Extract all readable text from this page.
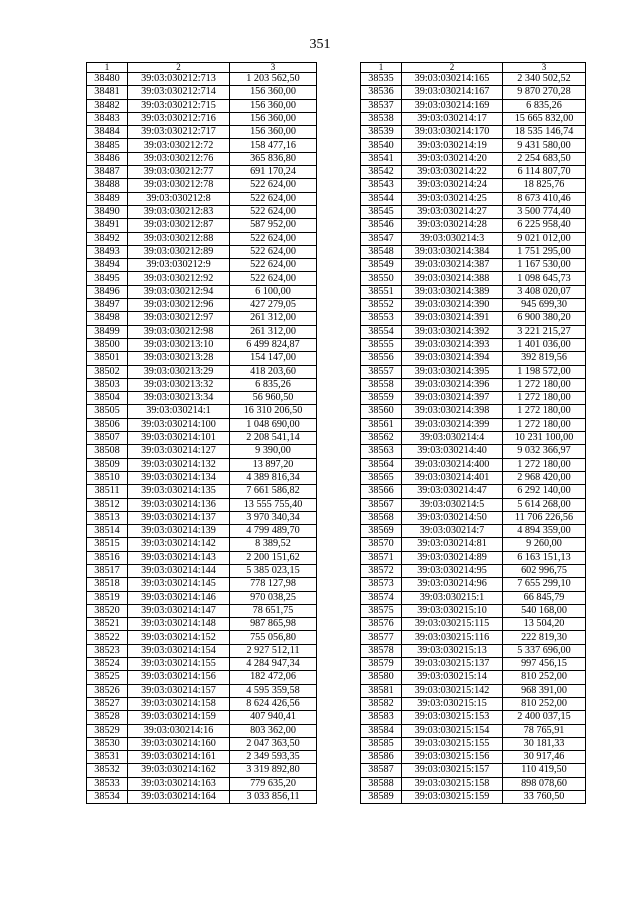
351
1	2	3
38480	39:03:030212:713	1 203 562,50
38481	39:03:030212:714	156 360,00
38482	39:03:030212:715	156 360,00
38483	39:03:030212:716	156 360,00
38484	39:03:030212:717	156 360,00
38485	39:03:030212:72	158 477,16
38486	39:03:030212:76	365 836,80
38487	39:03:030212:77	691 170,24
38488	39:03:030212:78	522 624,00
38489	39:03:030212:8	522 624,00
38490	39:03:030212:83	522 624,00
38491	39:03:030212:87	587 952,00
38492	39:03:030212:88	522 624,00
38493	39:03:030212:89	522 624,00
38494	39:03:030212:9	522 624,00
38495	39:03:030212:92	522 624,00
38496	39:03:030212:94	6 100,00
38497	39:03:030212:96	427 279,05
38498	39:03:030212:97	261 312,00
38499	39:03:030212:98	261 312,00
38500	39:03:030213:10	6 499 824,87
38501	39:03:030213:28	154 147,00
38502	39:03:030213:29	418 203,60
38503	39:03:030213:32	6 835,26
38504	39:03:030213:34	56 960,50
38505	39:03:030214:1	16 310 206,50
38506	39:03:030214:100	1 048 690,00
38507	39:03:030214:101	2 208 541,14
38508	39:03:030214:127	9 390,00
38509	39:03:030214:132	13 897,20
38510	39:03:030214:134	4 389 816,34
38511	39:03:030214:135	7 661 586,82
38512	39:03:030214:136	13 555 755,40
38513	39:03:030214:137	3 970 340,34
38514	39:03:030214:139	4 799 489,70
38515	39:03:030214:142	8 389,52
38516	39:03:030214:143	2 200 151,62
38517	39:03:030214:144	5 385 023,15
38518	39:03:030214:145	778 127,98
38519	39:03:030214:146	970 038,25
38520	39:03:030214:147	78 651,75
38521	39:03:030214:148	987 865,98
38522	39:03:030214:152	755 056,80
38523	39:03:030214:154	2 927 512,11
38524	39:03:030214:155	4 284 947,34
38525	39:03:030214:156	182 472,06
38526	39:03:030214:157	4 595 359,58
38527	39:03:030214:158	8 624 426,56
38528	39:03:030214:159	407 940,41
38529	39:03:030214:16	803 362,00
38530	39:03:030214:160	2 047 363,50
38531	39:03:030214:161	2 349 593,35
38532	39:03:030214:162	3 319 892,80
38533	39:03:030214:163	779 635,20
38534	39:03:030214:164	3 033 856,11
1	2	3
38535	39:03:030214:165	2 340 502,52
38536	39:03:030214:167	9 870 270,28
38537	39:03:030214:169	6 835,26
38538	39:03:030214:17	15 665 832,00
38539	39:03:030214:170	18 535 146,74
38540	39:03:030214:19	9 431 580,00
38541	39:03:030214:20	2 254 683,50
38542	39:03:030214:22	6 114 807,70
38543	39:03:030214:24	18 825,76
38544	39:03:030214:25	8 673 410,46
38545	39:03:030214:27	3 500 774,40
38546	39:03:030214:28	6 225 958,40
38547	39:03:030214:3	9 021 012,00
38548	39:03:030214:384	1 751 295,00
38549	39:03:030214:387	1 167 530,00
38550	39:03:030214:388	1 098 645,73
38551	39:03:030214:389	3 408 020,07
38552	39:03:030214:390	945 699,30
38553	39:03:030214:391	6 900 380,20
38554	39:03:030214:392	3 221 215,27
38555	39:03:030214:393	1 401 036,00
38556	39:03:030214:394	392 819,56
38557	39:03:030214:395	1 198 572,00
38558	39:03:030214:396	1 272 180,00
38559	39:03:030214:397	1 272 180,00
38560	39:03:030214:398	1 272 180,00
38561	39:03:030214:399	1 272 180,00
38562	39:03:030214:4	10 231 100,00
38563	39:03:030214:40	9 032 366,97
38564	39:03:030214:400	1 272 180,00
38565	39:03:030214:401	2 968 420,00
38566	39:03:030214:47	6 292 140,00
38567	39:03:030214:5	5 614 268,00
38568	39:03:030214:50	11 706 226,56
38569	39:03:030214:7	4 894 359,00
38570	39:03:030214:81	9 260,00
38571	39:03:030214:89	6 163 151,13
38572	39:03:030214:95	602 996,75
38573	39:03:030214:96	7 655 299,10
38574	39:03:030215:1	66 845,79
38575	39:03:030215:10	540 168,00
38576	39:03:030215:115	13 504,20
38577	39:03:030215:116	222 819,30
38578	39:03:030215:13	5 337 696,00
38579	39:03:030215:137	997 456,15
38580	39:03:030215:14	810 252,00
38581	39:03:030215:142	968 391,00
38582	39:03:030215:15	810 252,00
38583	39:03:030215:153	2 400 037,15
38584	39:03:030215:154	78 765,91
38585	39:03:030215:155	30 181,33
38586	39:03:030215:156	30 917,46
38587	39:03:030215:157	110 419,50
38588	39:03:030215:158	898 078,60
38589	39:03:030215:159	33 760,50
